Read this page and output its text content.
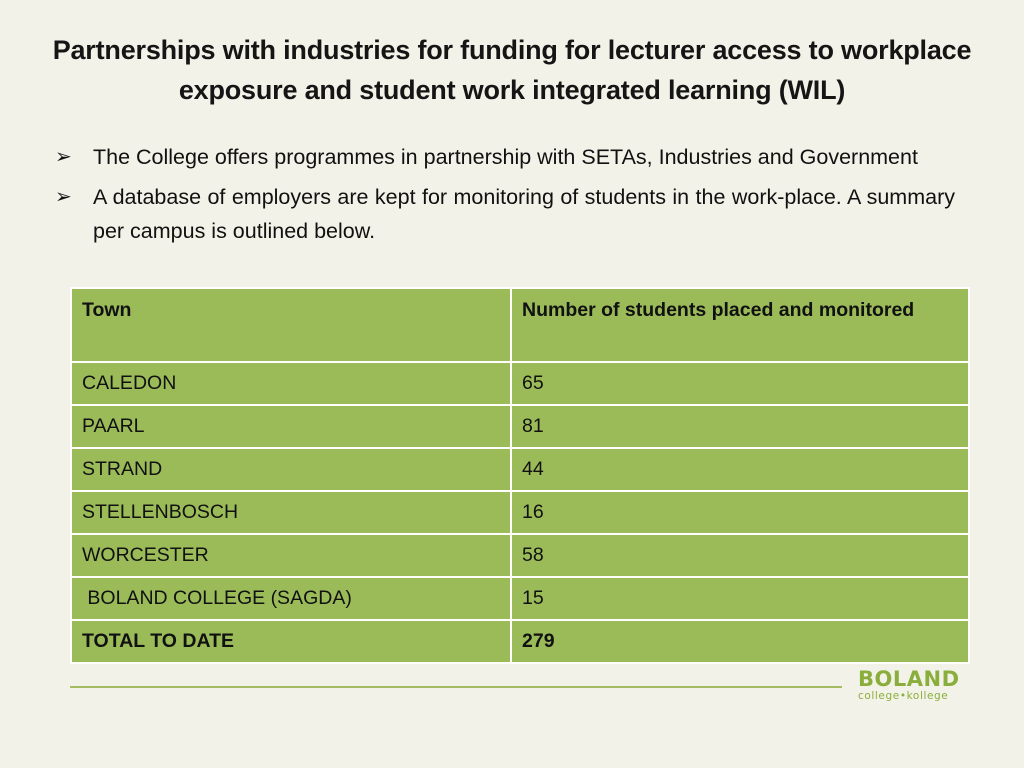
Partnerships with industries for funding for lecturer access to workplace exposure and student work integrated learning (WIL)
➢ The College offers programmes in partnership with SETAs, Industries and Government
➢ A database of employers are kept for monitoring of students in the work-place. A summary per campus is outlined below.
Town	Number of students placed and monitored
CALEDON	65
PAARL	81
STRAND	44
STELLENBOSCH	16
WORCESTER	58
BOLAND COLLEGE (SAGDA)	15
TOTAL TO DATE	279
BOLAND
college•kollege
